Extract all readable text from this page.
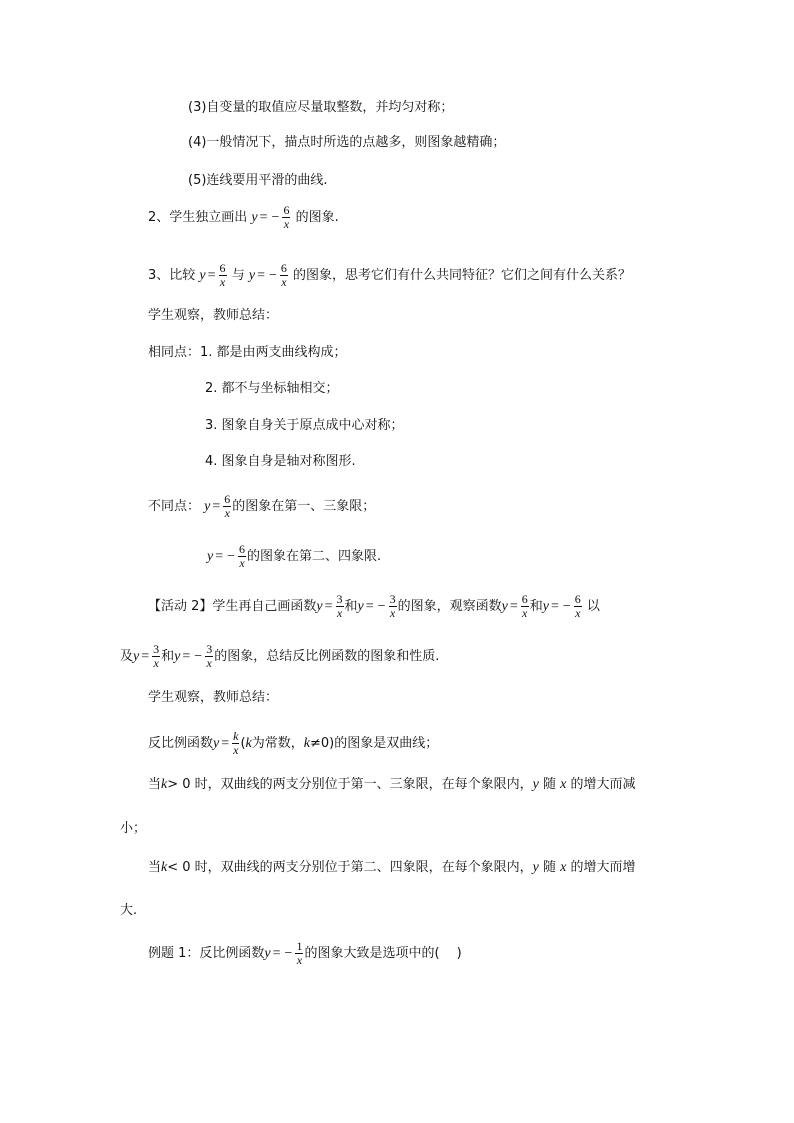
(3)自变量的取值应尽量取整数，并均匀对称；
(4)一般情况下，描点时所选的点越多，则图象越精确；
(5)连线要用平滑的曲线.
2、学生独立画出 y = − $\frac{6}{x}$ 的图象.
3、比较 $y = \frac{6}{x}$ 与 y = − $\frac{6}{x}$ 的图象，思考它们有什么共同特征？它们之间有什么关系？
学生观察，教师总结：
相同点：1. 都是由两支曲线构成；
2. 都不与坐标轴相交；
3. 图象自身关于原点成中心对称；
4. 图象自身是轴对称图形.
不同点： $y = \frac{6}{x}$ 的图象在第一、三象限；
y = − $\frac{6}{x}$ 的图象在第二、四象限.
【活动 2】学生再自己画函数$y = \frac{3}{x}$ 和y = − $\frac{3}{x}$ 的图象，观察函数$y = \frac{6}{x}$ 和y = − $\frac{6}{x}$ 以
及$y = \frac{3}{x}$ 和y = − $\frac{3}{x}$ 的图象，总结反比例函数的图象和性质.
学生观察，教师总结：
反比例函数$y = \frac{k}{x} (k$为常数，k≠0)的图象是双曲线；
当k> 0 时，双曲线的两支分别位于第一、三象限，在每个象限内，y 随 x 的增大而减
小；
当k< 0 时，双曲线的两支分别位于第二、四象限，在每个象限内，y 随 x 的增大而增
大.
例题 1：反比例函数y = − $\frac{1}{x}$ 的图象大致是选项中的(　 )
